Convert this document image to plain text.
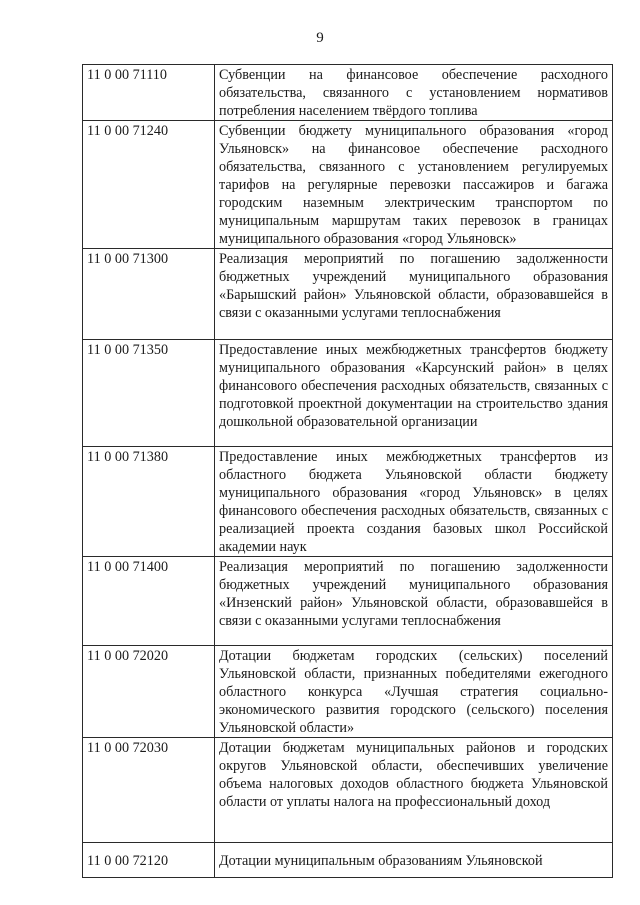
9
11 0 00 71110	Субвенции на финансовое обеспечение расходного обязательства, связанного с установлением нормативов потребления населением твёрдого топлива
11 0 00 71240	Субвенции бюджету муниципального образования «город Ульяновск» на финансовое обеспечение расходного обязательства, связанного с установлением регулируемых тарифов на регулярные перевозки пассажиров и багажа городским наземным электрическим транспортом по муниципальным маршрутам таких перевозок в границах муниципального образования «город Ульяновск»
11 0 00 71300	Реализация мероприятий по погашению задолженности бюджетных учреждений муниципального образования «Барышский район» Ульяновской области, образовавшейся в связи с оказанными услугами теплоснабжения
11 0 00 71350	Предоставление иных межбюджетных трансфертов бюджету муниципального образования «Карсунский район» в целях финансового обеспечения расходных обязательств, связанных с подготовкой проектной документации на строительство здания дошкольной образовательной организации
11 0 00 71380	Предоставление иных межбюджетных трансфертов из областного бюджета Ульяновской области бюджету муниципального образования «город Ульяновск» в целях финансового обеспечения расходных обязательств, связанных с реализацией проекта создания базовых школ Российской академии наук
11 0 00 71400	Реализация мероприятий по погашению задолженности бюджетных учреждений муниципального образования «Инзенский район» Ульяновской области, образовавшейся в связи с оказанными услугами теплоснабжения
11 0 00 72020	Дотации бюджетам городских (сельских) поселений Ульяновской области, признанных победителями ежегодного областного конкурса «Лучшая стратегия социально-экономического развития городского (сельского) поселения Ульяновской области»
11 0 00 72030	Дотации бюджетам муниципальных районов и городских округов Ульяновской области, обеспечивших увеличение объема налоговых доходов областного бюджета Ульяновской области от уплаты налога на профессиональный доход
11 0 00 72120	Дотации муниципальным образованиям Ульяновской
